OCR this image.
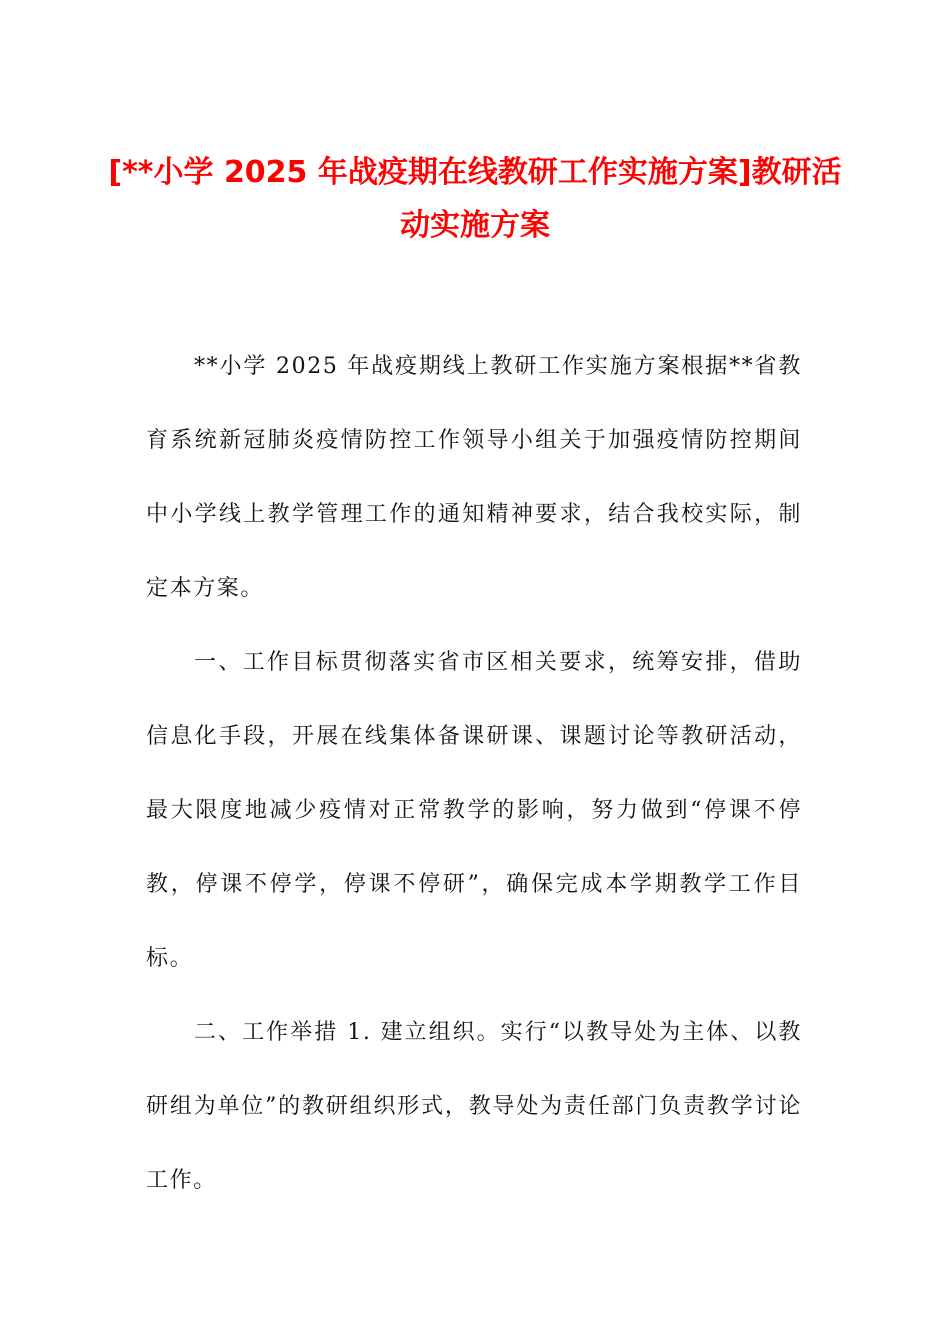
[**小学 2025 年战疫期在线教研工作实施方案]教研活动实施方案

**小学 2025 年战疫期线上教研工作实施方案根据**省教育系统新冠肺炎疫情防控工作领导小组关于加强疫情防控期间中小学线上教学管理工作的通知精神要求，结合我校实际，制定本方案。

一、工作目标贯彻落实省市区相关要求，统筹安排，借助信息化手段，开展在线集体备课研课、课题讨论等教研活动，最大限度地减少疫情对正常教学的影响，努力做到“停课不停教，停课不停学，停课不停研”，确保完成本学期教学工作目标。

二、工作举措 1. 建立组织。实行“以教导处为主体、以教研组为单位”的教研组织形式，教导处为责任部门负责教学讨论工作。
